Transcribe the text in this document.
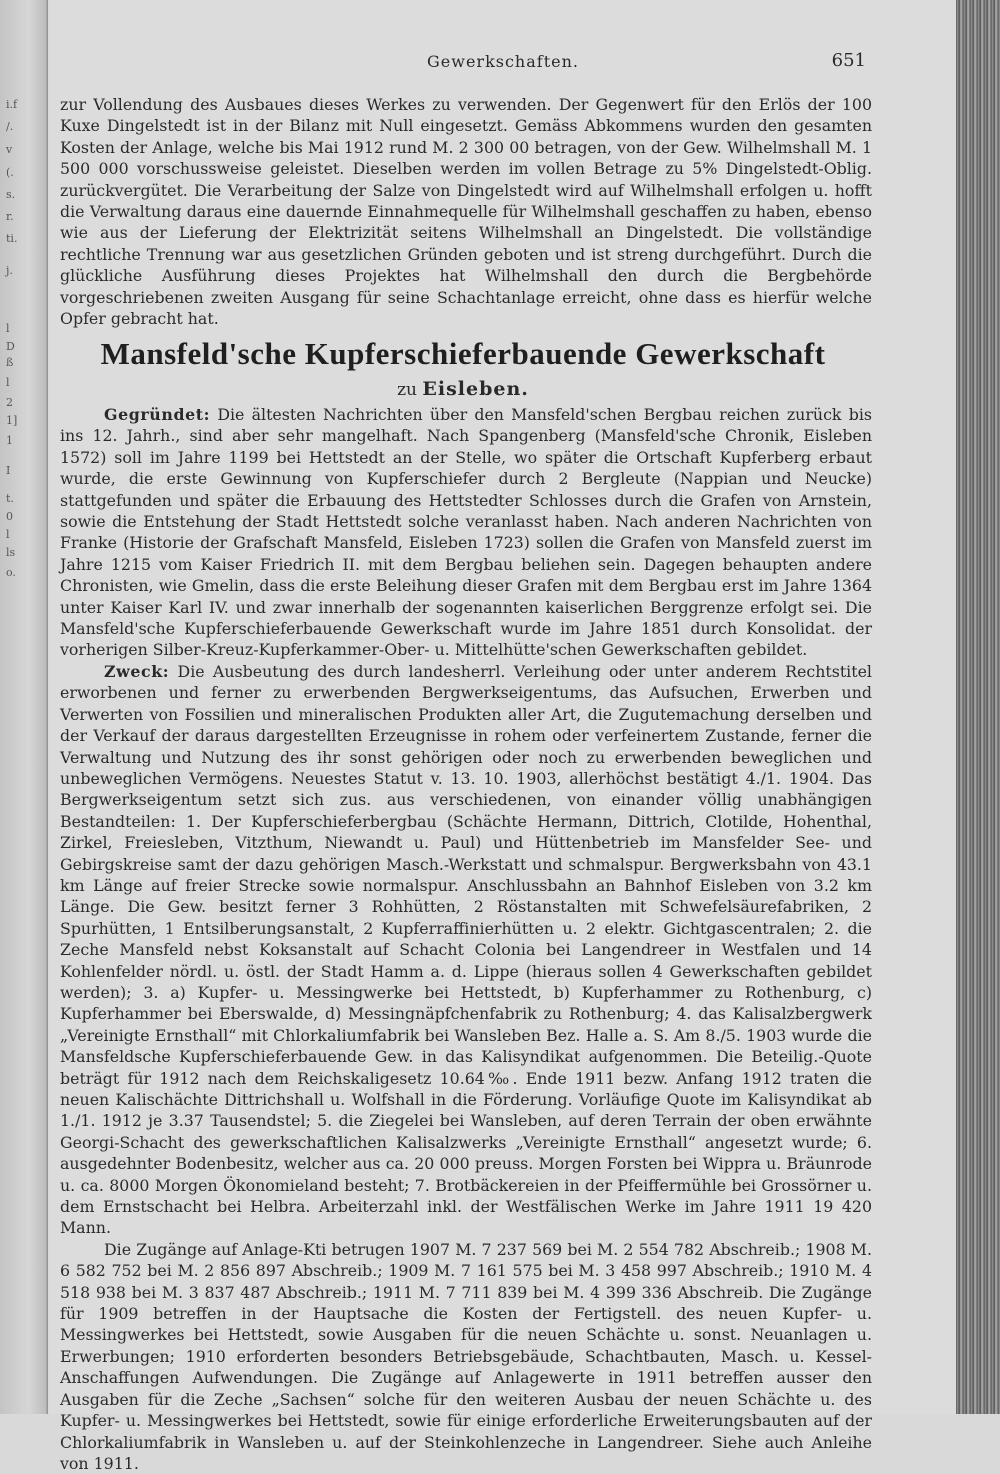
i.f
/.
v
(.
s.
r.
ti.
j.
l
D
ß
l
2
1]
1
I
t.
0
l
ls
o.
Gewerkschaften.	651

zur Vollendung des Ausbaues dieses Werkes zu verwenden. Der Gegenwert für den Erlös der 100 Kuxe Dingelstedt ist in der Bilanz mit Null eingesetzt. Gemäss Abkommens wurden den gesamten Kosten der Anlage, welche bis Mai 1912 rund M. 2 300 00 betragen, von der Gew. Wilhelmshall M. 1 500 000 vorschussweise geleistet. Dieselben werden im vollen Betrage zu 5% Dingelstedt-Oblig. zurückvergütet. Die Verarbeitung der Salze von Dingelstedt wird auf Wilhelmshall erfolgen u. hofft die Verwaltung daraus eine dauernde Einnahmequelle für Wilhelmshall geschaffen zu haben, ebenso wie aus der Lieferung der Elektrizität seitens Wilhelmshall an Dingelstedt. Die vollständige rechtliche Trennung war aus gesetzlichen Gründen geboten und ist streng durchgeführt. Durch die glückliche Ausführung dieses Projektes hat Wilhelmshall den durch die Bergbehörde vorgeschriebenen zweiten Ausgang für seine Schachtanlage erreicht, ohne dass es hierfür welche Opfer gebracht hat.

Mansfeld'sche Kupferschieferbauende Gewerkschaft
zu Eisleben.

Gegründet: Die ältesten Nachrichten über den Mansfeld'schen Bergbau reichen zurück bis ins 12. Jahrh., sind aber sehr mangelhaft. Nach Spangenberg (Mansfeld'sche Chronik, Eisleben 1572) soll im Jahre 1199 bei Hettstedt an der Stelle, wo später die Ortschaft Kupferberg erbaut wurde, die erste Gewinnung von Kupferschiefer durch 2 Bergleute (Nappian und Neucke) stattgefunden und später die Erbauung des Hettstedter Schlosses durch die Grafen von Arnstein, sowie die Entstehung der Stadt Hettstedt solche veranlasst haben. Nach anderen Nachrichten von Franke (Historie der Grafschaft Mansfeld, Eisleben 1723) sollen die Grafen von Mansfeld zuerst im Jahre 1215 vom Kaiser Friedrich II. mit dem Bergbau beliehen sein. Dagegen behaupten andere Chronisten, wie Gmelin, dass die erste Beleihung dieser Grafen mit dem Bergbau erst im Jahre 1364 unter Kaiser Karl IV. und zwar innerhalb der sogenannten kaiserlichen Berggrenze erfolgt sei. Die Mansfeld'sche Kupferschieferbauende Gewerkschaft wurde im Jahre 1851 durch Konsolidat. der vorherigen Silber-Kreuz-Kupferkammer-Ober- u. Mittelhütte'schen Gewerkschaften gebildet.

Zweck: Die Ausbeutung des durch landesherrl. Verleihung oder unter anderem Rechtstitel erworbenen und ferner zu erwerbenden Bergwerkseigentums, das Aufsuchen, Erwerben und Verwerten von Fossilien und mineralischen Produkten aller Art, die Zugutemachung derselben und der Verkauf der daraus dargestellten Erzeugnisse in rohem oder verfeinertem Zustande, ferner die Verwaltung und Nutzung des ihr sonst gehörigen oder noch zu erwerbenden beweglichen und unbeweglichen Vermögens. Neuestes Statut v. 13. 10. 1903, allerhöchst bestätigt 4./1. 1904. Das Bergwerkseigentum setzt sich zus. aus verschiedenen, von einander völlig unabhängigen Bestandteilen: 1. Der Kupferschieferbergbau (Schächte Hermann, Dittrich, Clotilde, Hohenthal, Zirkel, Freiesleben, Vitzthum, Niewandt u. Paul) und Hüttenbetrieb im Mansfelder See- und Gebirgskreise samt der dazu gehörigen Masch.-Werkstatt und schmalspur. Bergwerksbahn von 43.1 km Länge auf freier Strecke sowie normalspur. Anschlussbahn an Bahnhof Eisleben von 3.2 km Länge. Die Gew. besitzt ferner 3 Rohhütten, 2 Röstanstalten mit Schwefelsäurefabriken, 2 Spurhütten, 1 Entsilberungsanstalt, 2 Kupferraffinierhütten u. 2 elektr. Gichtgascentralen; 2. die Zeche Mansfeld nebst Koksanstalt auf Schacht Colonia bei Langendreer in Westfalen und 14 Kohlenfelder nördl. u. östl. der Stadt Hamm a. d. Lippe (hieraus sollen 4 Gewerkschaften gebildet werden); 3. a) Kupfer- u. Messingwerke bei Hettstedt, b) Kupferhammer zu Rothenburg, c) Kupferhammer bei Eberswalde, d) Messingnäpfchenfabrik zu Rothenburg; 4. das Kalisalzbergwerk „Vereinigte Ernsthall“ mit Chlorkaliumfabrik bei Wansleben Bez. Halle a. S. Am 8./5. 1903 wurde die Mansfeldsche Kupferschieferbauende Gew. in das Kalisyndikat aufgenommen. Die Beteilig.-Quote beträgt für 1912 nach dem Reichskaligesetz 10.64‰. Ende 1911 bezw. Anfang 1912 traten die neuen Kalischächte Dittrichshall u. Wolfshall in die Förderung. Vorläufige Quote im Kalisyndikat ab 1./1. 1912 je 3.37 Tausendstel; 5. die Ziegelei bei Wansleben, auf deren Terrain der oben erwähnte Georgi-Schacht des gewerkschaftlichen Kalisalzwerks „Vereinigte Ernsthall“ angesetzt wurde; 6. ausgedehnter Bodenbesitz, welcher aus ca. 20 000 preuss. Morgen Forsten bei Wippra u. Bräunrode u. ca. 8000 Morgen Ökonomieland besteht; 7. Brotbäckereien in der Pfeiffermühle bei Grossörner u. dem Ernstschacht bei Helbra. Arbeiterzahl inkl. der Westfälischen Werke im Jahre 1911 19 420 Mann.

Die Zugänge auf Anlage-Kti betrugen 1907 M. 7 237 569 bei M. 2 554 782 Abschreib.; 1908 M. 6 582 752 bei M. 2 856 897 Abschreib.; 1909 M. 7 161 575 bei M. 3 458 997 Abschreib.; 1910 M. 4 518 938 bei M. 3 837 487 Abschreib.; 1911 M. 7 711 839 bei M. 4 399 336 Abschreib. Die Zugänge für 1909 betreffen in der Hauptsache die Kosten der Fertigstell. des neuen Kupfer- u. Messingwerkes bei Hettstedt, sowie Ausgaben für die neuen Schächte u. sonst. Neuanlagen u. Erwerbungen; 1910 erforderten besonders Betriebsgebäude, Schachtbauten, Masch. u. Kessel-Anschaffungen Aufwendungen. Die Zugänge auf Anlagewerte in 1911 betreffen ausser den Ausgaben für die Zeche „Sachsen“ solche für den weiteren Ausbau der neuen Schächte u. des Kupfer- u. Messingwerkes bei Hettstedt, sowie für einige erforderliche Erweiterungsbauten auf der Chlorkaliumfabrik in Wansleben u. auf der Steinkohlenzeche in Langendreer. Siehe auch Anleihe von 1911.
